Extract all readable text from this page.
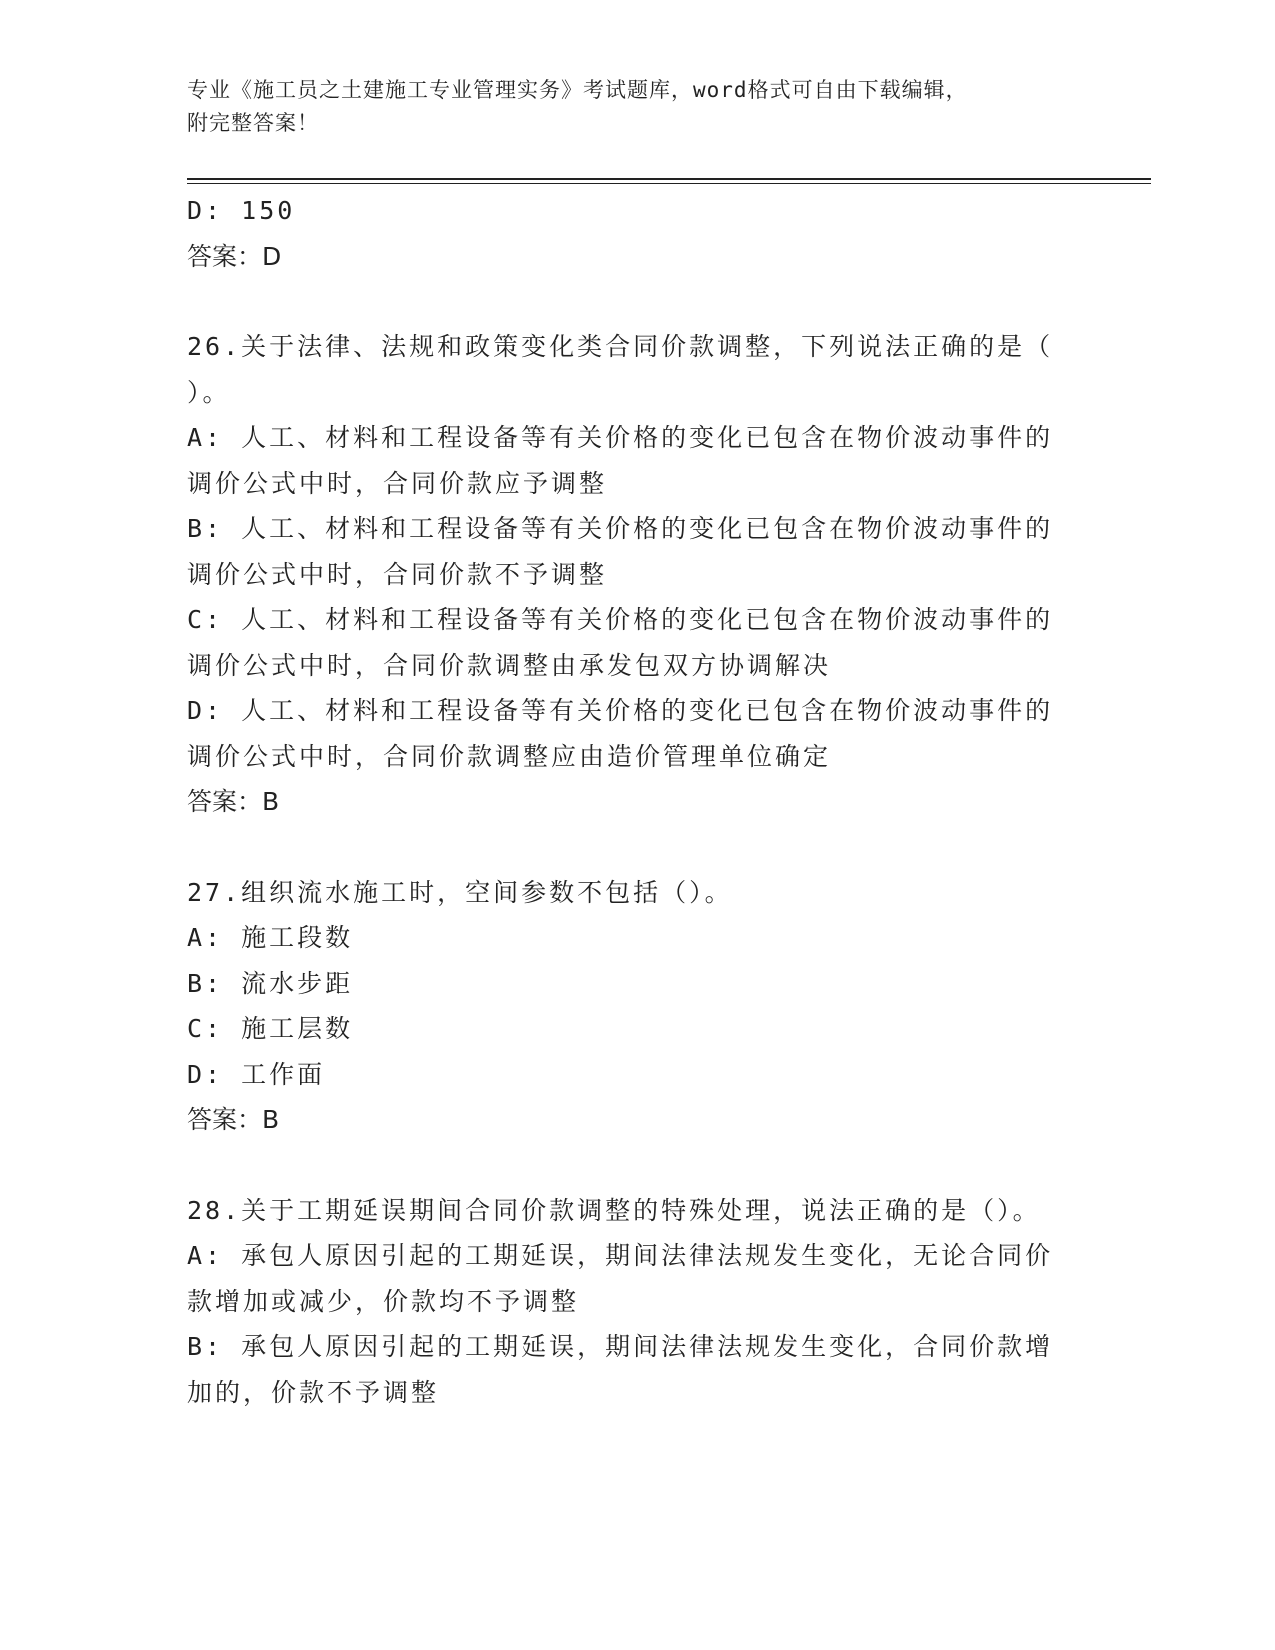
专业《施工员之土建施工专业管理实务》考试题库，word格式可自由下载编辑，
附完整答案！
D: 150
答案：D
26.关于法律、法规和政策变化类合同价款调整，下列说法正确的是（
）。
A: 人工、材料和工程设备等有关价格的变化已包含在物价波动事件的
调价公式中时，合同价款应予调整
B: 人工、材料和工程设备等有关价格的变化已包含在物价波动事件的
调价公式中时，合同价款不予调整
C: 人工、材料和工程设备等有关价格的变化已包含在物价波动事件的
调价公式中时，合同价款调整由承发包双方协调解决
D: 人工、材料和工程设备等有关价格的变化已包含在物价波动事件的
调价公式中时，合同价款调整应由造价管理单位确定
答案：B
27.组织流水施工时，空间参数不包括（）。
A: 施工段数
B: 流水步距
C: 施工层数
D: 工作面
答案：B
28.关于工期延误期间合同价款调整的特殊处理，说法正确的是（）。
A: 承包人原因引起的工期延误，期间法律法规发生变化，无论合同价
款增加或减少，价款均不予调整
B: 承包人原因引起的工期延误，期间法律法规发生变化，合同价款增
加的，价款不予调整
